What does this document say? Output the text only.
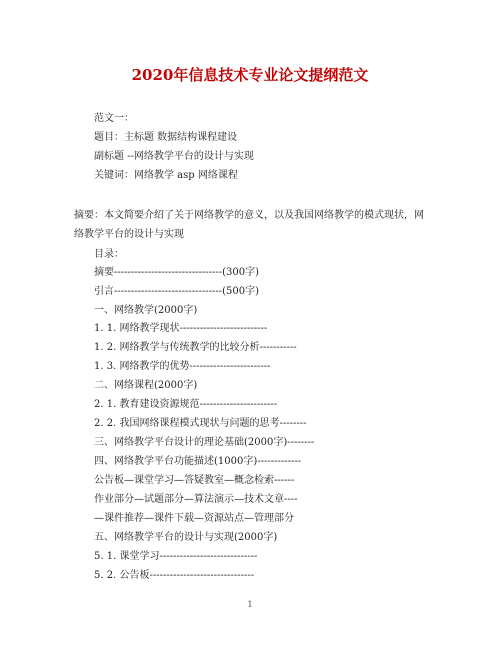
2020年信息技术专业论文提纲范文
范文一：
题目：主标题 数据结构课程建设
副标题 --网络教学平台的设计与实现
关键词：网络教学 asp 网络课程
摘要：本文简要介绍了关于网络教学的意义，以及我国网络教学的模式现状，网
络教学平台的设计与实现
目录：
摘要--------------------------------(300字)
引言--------------------------------(500字)
一、网络教学(2000字)
1. 1. 网络教学现状--------------------------
1. 2. 网络教学与传统教学的比较分析-----------
1. 3. 网络教学的优势------------------------
二、网络课程(2000字)
2. 1. 教育建设资源规范-----------------------
2. 2. 我国网络课程模式现状与问题的思考--------
三、网络教学平台设计的理论基础(2000字)--------
四、网络教学平台功能描述(1000字)-------------
公告板—课堂学习—答疑教室—概念检索------
作业部分—试题部分—算法演示—技术文章----
—课件推荐—课件下载—资源站点—管理部分
五、网络教学平台的设计与实现(2000字)
5. 1. 课堂学习-----------------------------
5. 2. 公告板-------------------------------
1
